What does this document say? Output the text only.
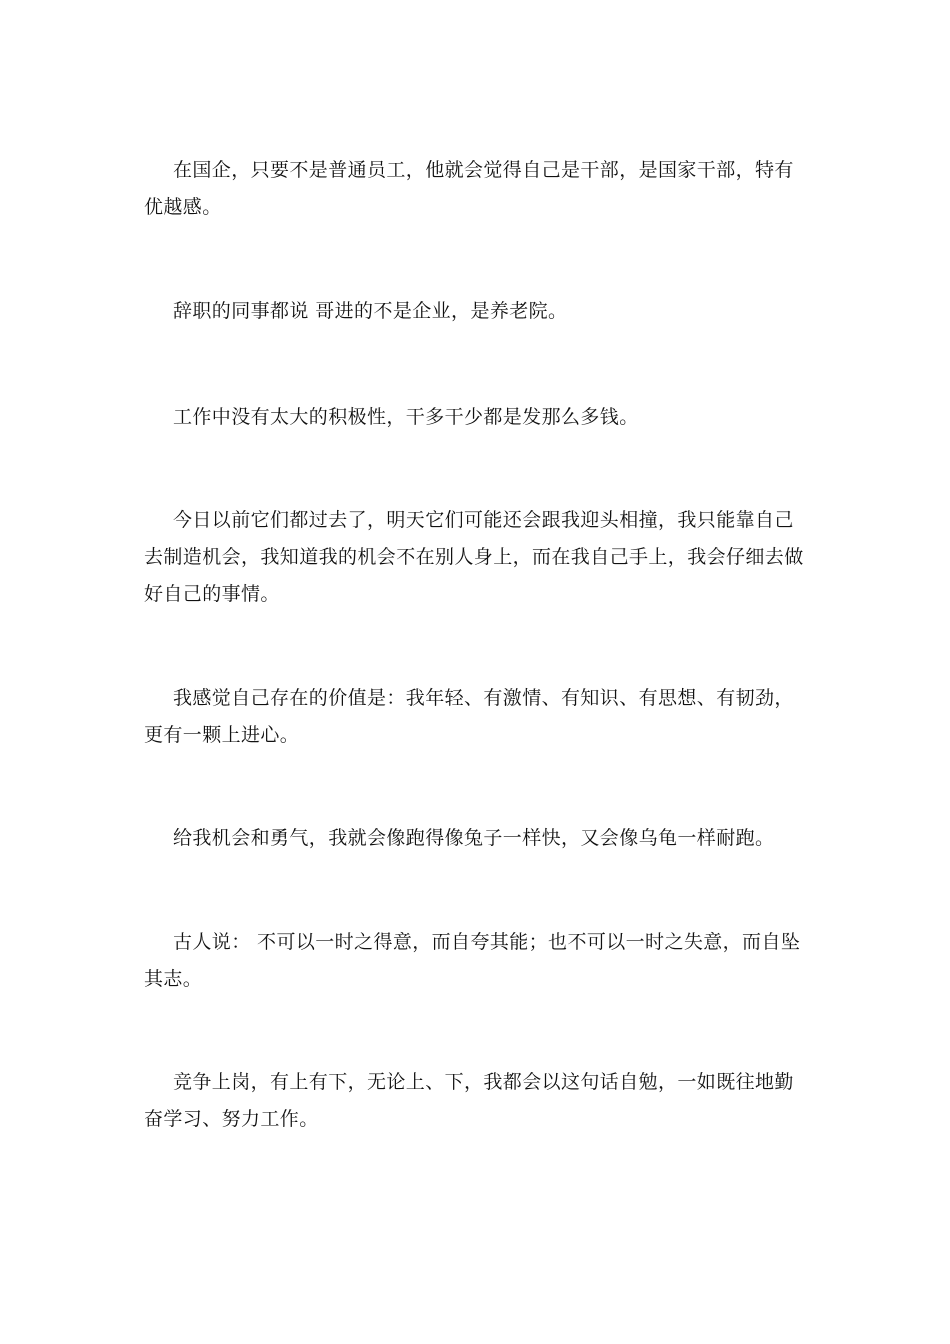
在国企，只要不是普通员工，他就会觉得自己是干部，是国家干部，特有优越感。

辞职的同事都说 哥进的不是企业，是养老院。

工作中没有太大的积极性，干多干少都是发那么多钱。

今日以前它们都过去了，明天它们可能还会跟我迎头相撞，我只能靠自己去制造机会，我知道我的机会不在别人身上，而在我自己手上，我会仔细去做好自己的事情。

我感觉自己存在的价值是：我年轻、有激情、有知识、有思想、有韧劲，更有一颗上进心。

给我机会和勇气，我就会像跑得像兔子一样快，又会像乌龟一样耐跑。

古人说： 不可以一时之得意，而自夸其能；也不可以一时之失意，而自坠其志。

竞争上岗，有上有下，无论上、下，我都会以这句话自勉，一如既往地勤奋学习、努力工作。
